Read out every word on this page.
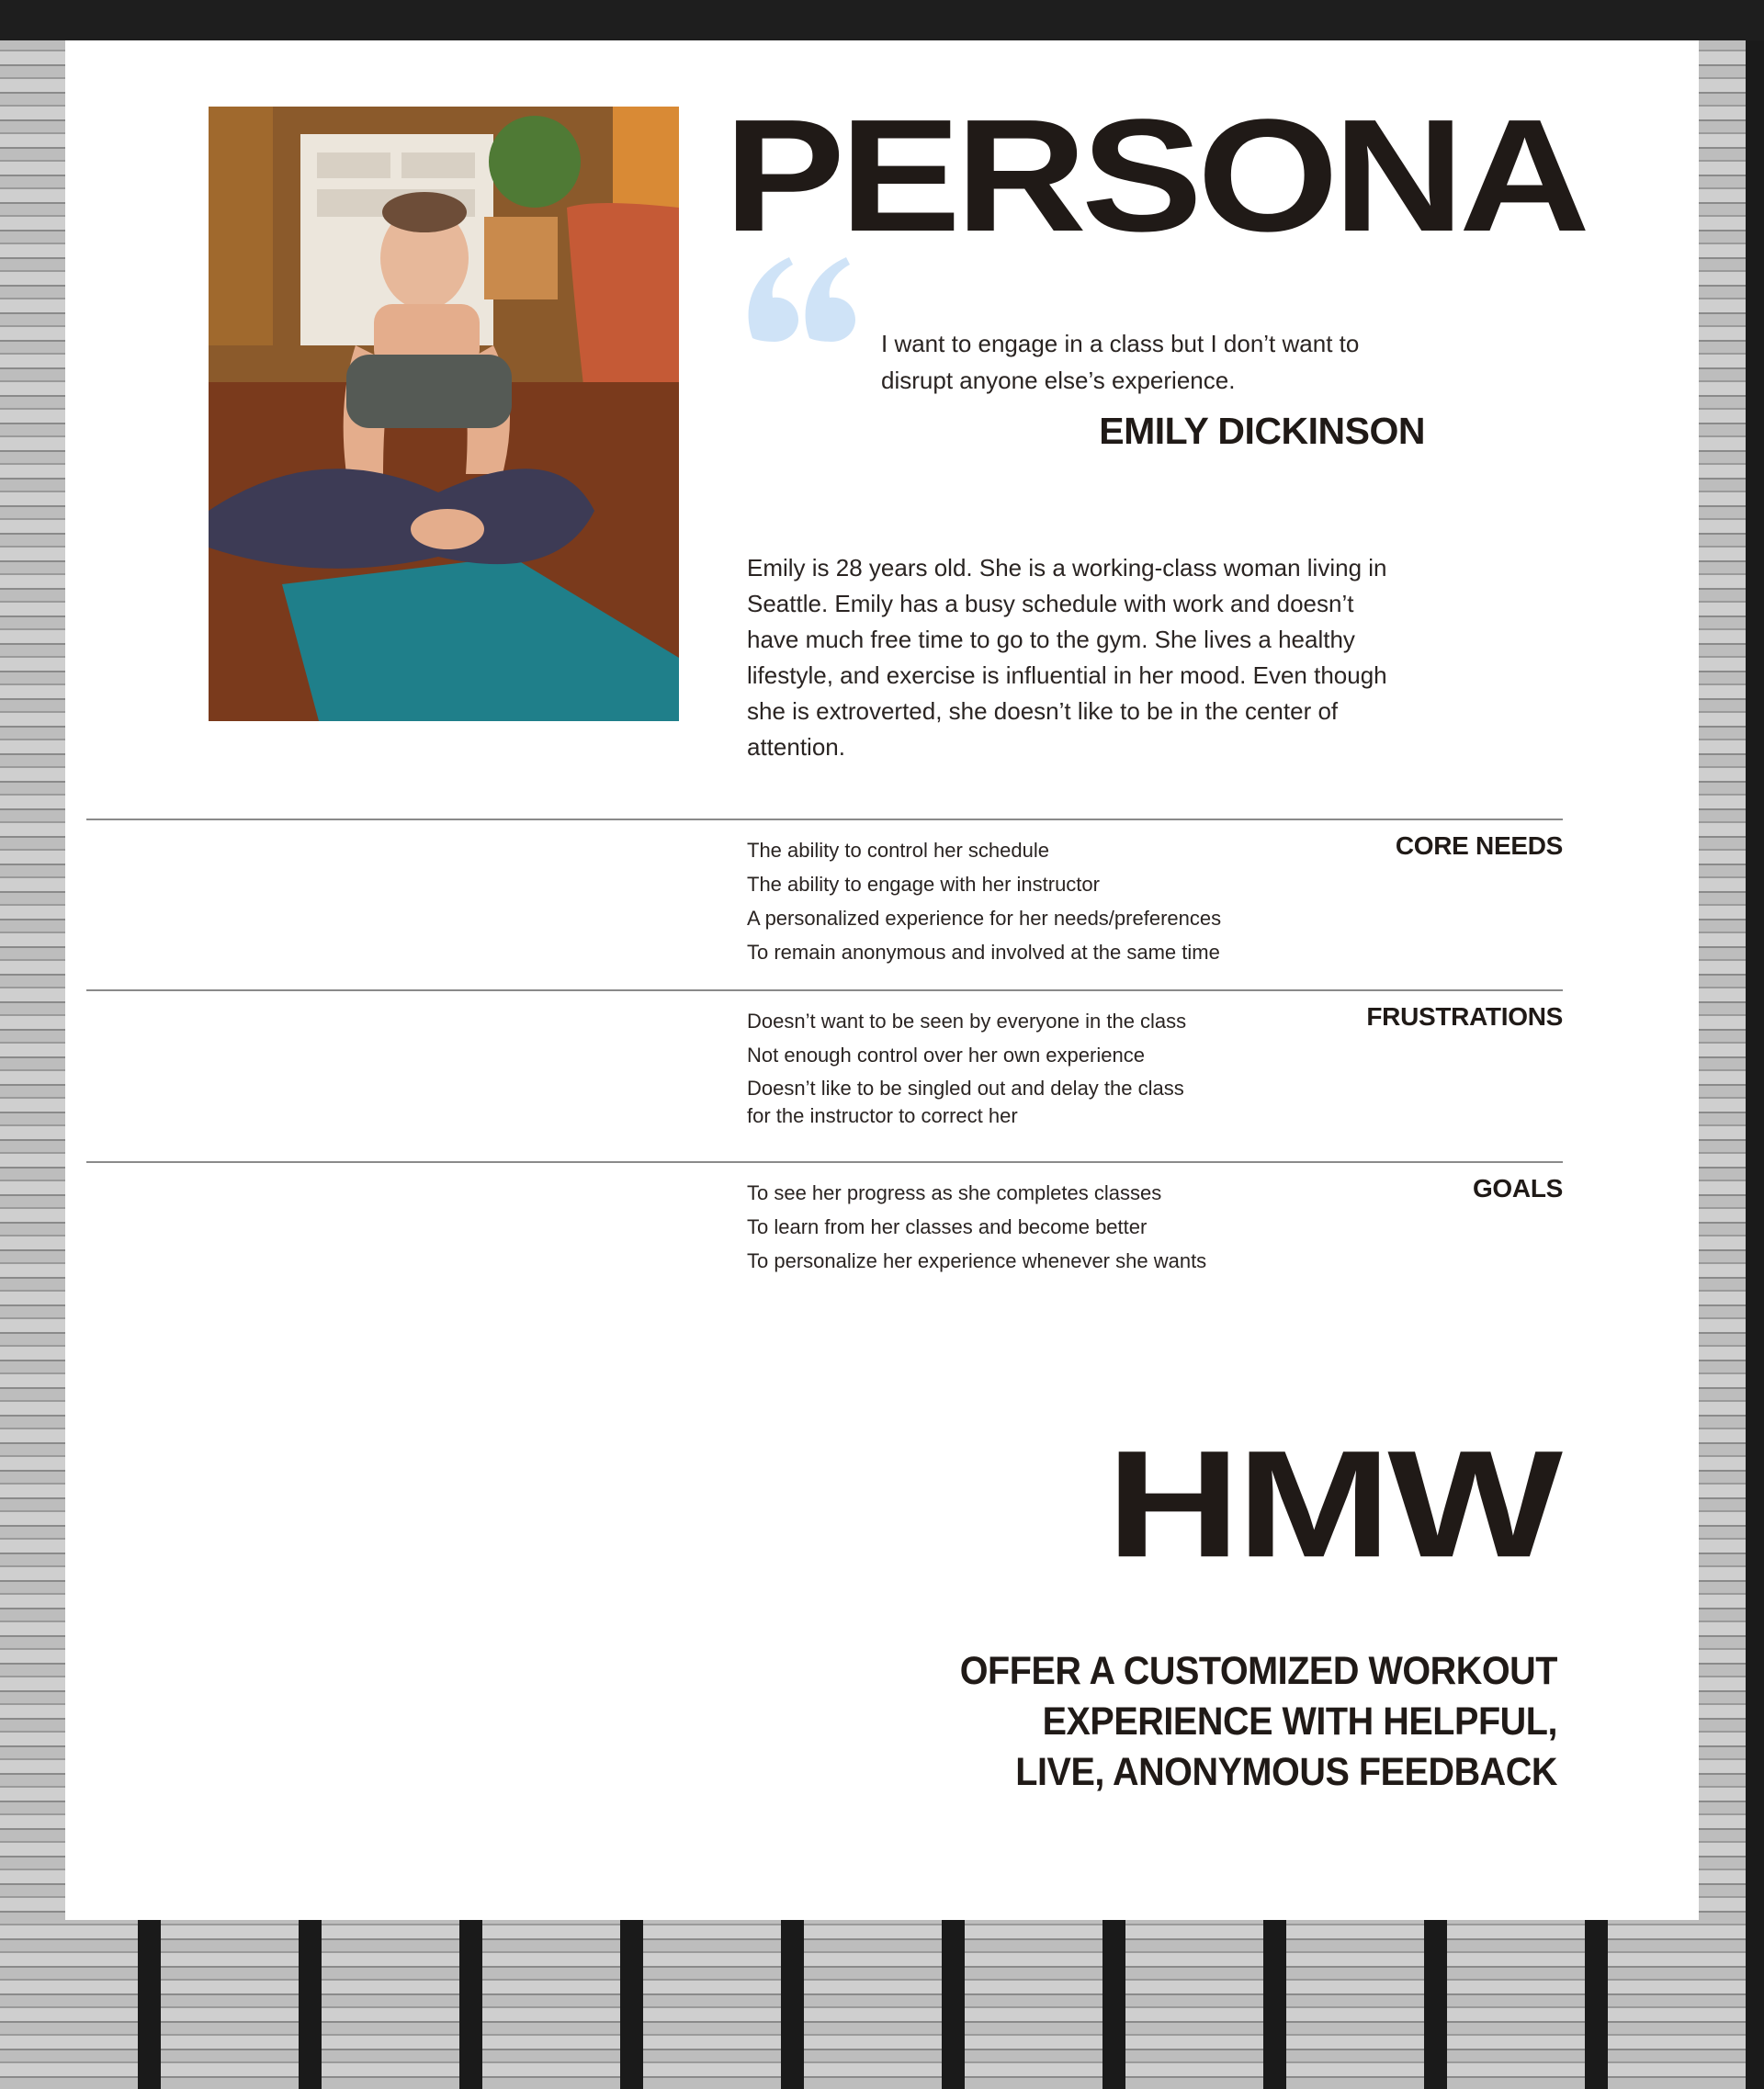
PERSONA
I want to engage in a class but I don’t want to disrupt anyone else’s experience.
EMILY DICKINSON
Emily is 28 years old. She is a working-class woman living in Seattle. Emily has a busy schedule with work and doesn’t have much free time to go to the gym. She lives a healthy lifestyle, and exercise is influential in her mood. Even though she is extroverted, she doesn’t like to be in the center of attention.
The ability to control her schedule
The ability to engage with her instructor
A personalized experience for her needs/preferences
To remain anonymous and involved at the same time
CORE NEEDS
Doesn’t want to be seen by everyone in the class
Not enough control over her own experience
Doesn’t like to be singled out and delay the class for the instructor to correct her
FRUSTRATIONS
To see her progress as she completes classes
To learn from her classes and become better
To personalize her experience whenever she wants
GOALS
HMW
OFFER A CUSTOMIZED WORKOUT EXPERIENCE WITH HELPFUL, LIVE, ANONYMOUS FEEDBACK
